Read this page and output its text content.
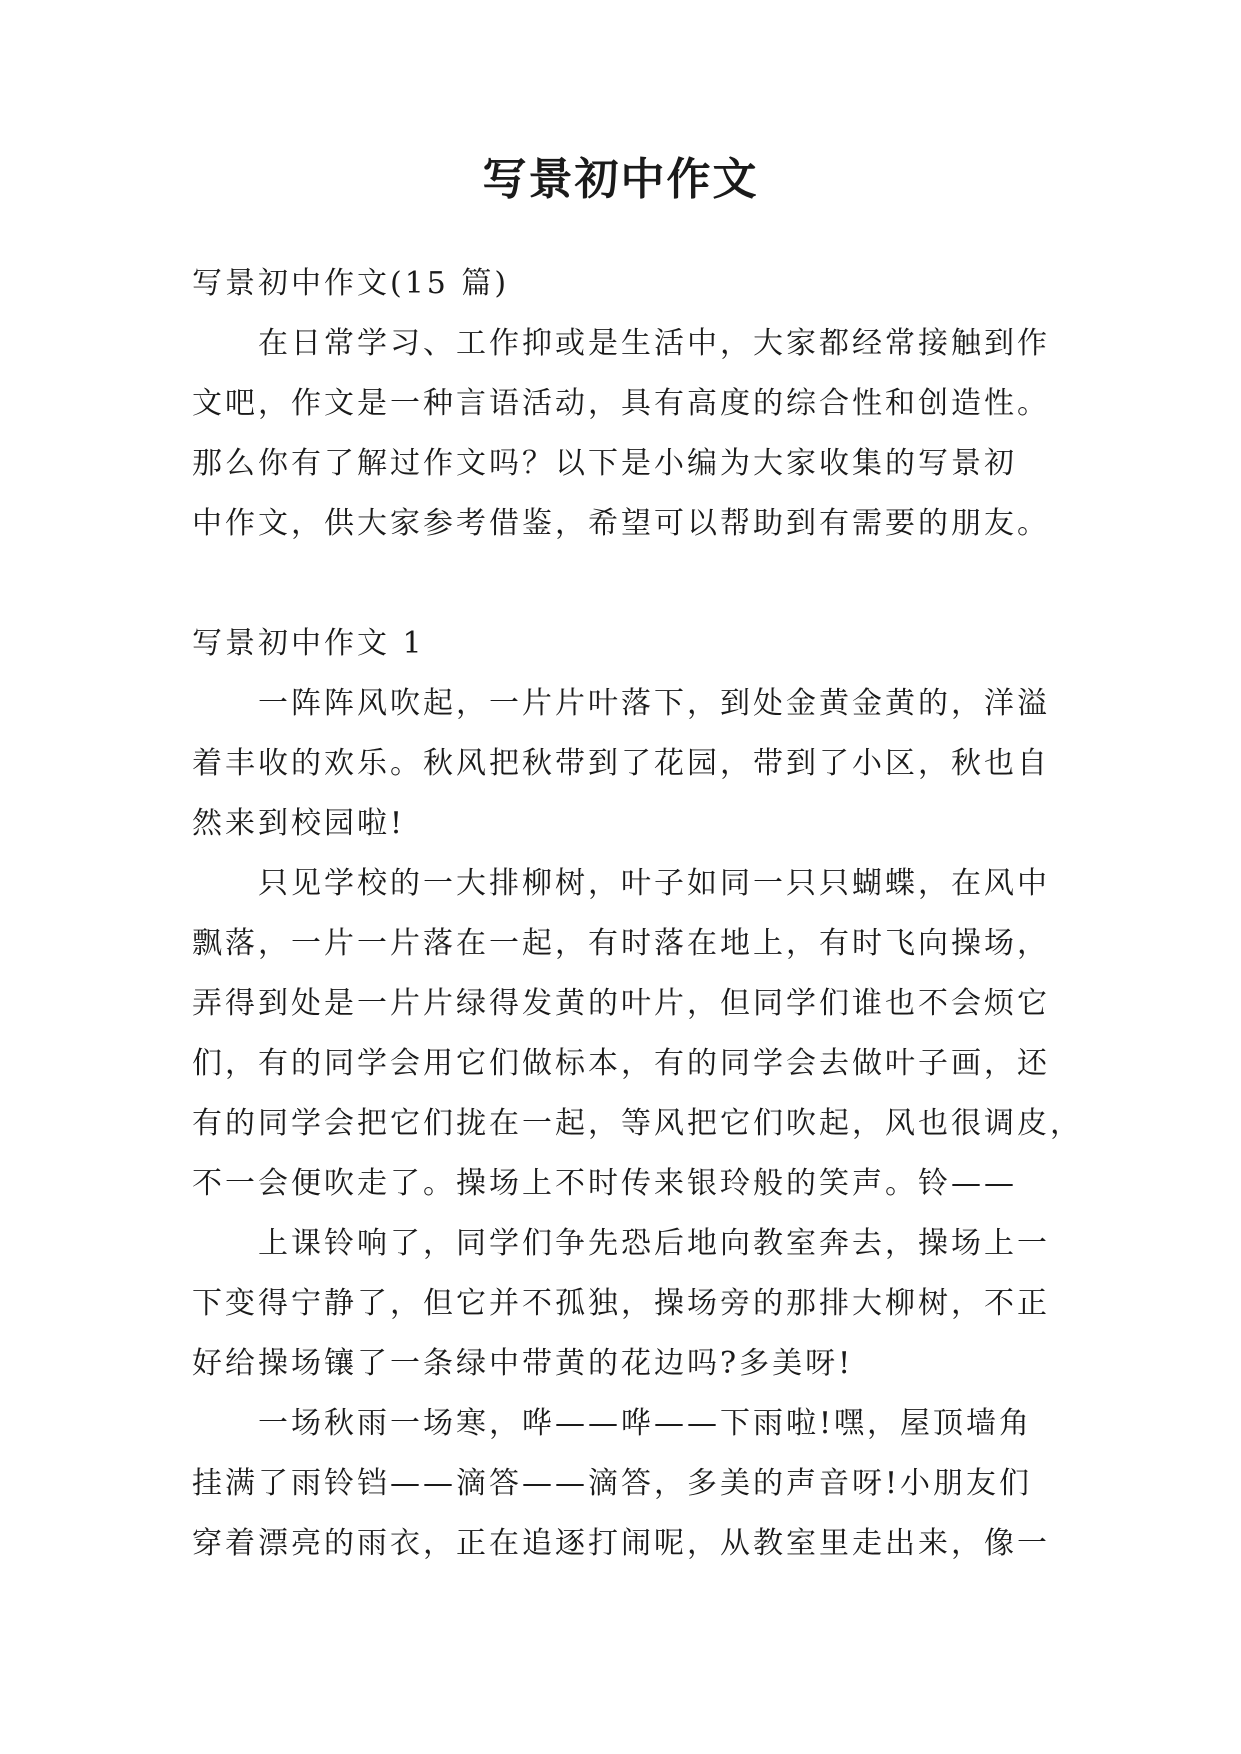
写景初中作文
写景初中作文(15 篇)
在日常学习、工作抑或是生活中，大家都经常接触到作
文吧，作文是一种言语活动，具有高度的综合性和创造性。
那么你有了解过作文吗？以下是小编为大家收集的写景初
中作文，供大家参考借鉴，希望可以帮助到有需要的朋友。
写景初中作文 1
一阵阵风吹起，一片片叶落下，到处金黄金黄的，洋溢
着丰收的欢乐。秋风把秋带到了花园，带到了小区，秋也自
然来到校园啦!
只见学校的一大排柳树，叶子如同一只只蝴蝶，在风中
飘落，一片一片落在一起，有时落在地上，有时飞向操场，
弄得到处是一片片绿得发黄的叶片，但同学们谁也不会烦它
们，有的同学会用它们做标本，有的同学会去做叶子画，还
有的同学会把它们拢在一起，等风把它们吹起，风也很调皮，
不一会便吹走了。操场上不时传来银玲般的笑声。铃——
上课铃响了，同学们争先恐后地向教室奔去，操场上一
下变得宁静了，但它并不孤独，操场旁的那排大柳树，不正
好给操场镶了一条绿中带黄的花边吗?多美呀!
一场秋雨一场寒，哗——哗——下雨啦!嘿，屋顶墙角
挂满了雨铃铛——滴答——滴答，多美的声音呀!小朋友们
穿着漂亮的雨衣，正在追逐打闹呢，从教室里走出来，像一
